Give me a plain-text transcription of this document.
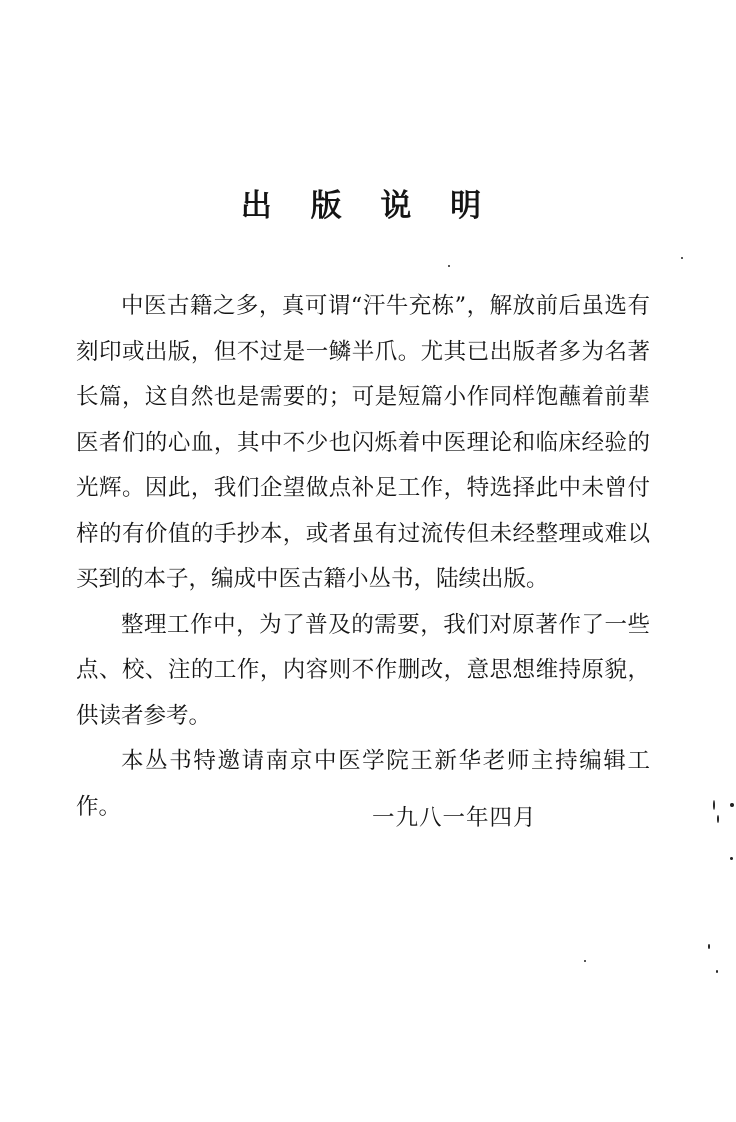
出 版 说 明

中医古籍之多，真可谓“汗牛充栋”，解放前后虽选有刻印或出版，但不过是一鳞半爪。尤其已出版者多为名著长篇，这自然也是需要的；可是短篇小作同样饱蘸着前辈医者们的心血，其中不少也闪烁着中医理论和临床经验的光辉。因此，我们企望做点补足工作，特选择此中未曾付梓的有价值的手抄本，或者虽有过流传但未经整理或难以买到的本子，编成中医古籍小丛书，陆续出版。

整理工作中，为了普及的需要，我们对原著作了一些点、校、注的工作，内容则不作删改，意思想维持原貌，供读者参考。

本丛书特邀请南京中医学院王新华老师主持编辑工作。	一九八一年四月
